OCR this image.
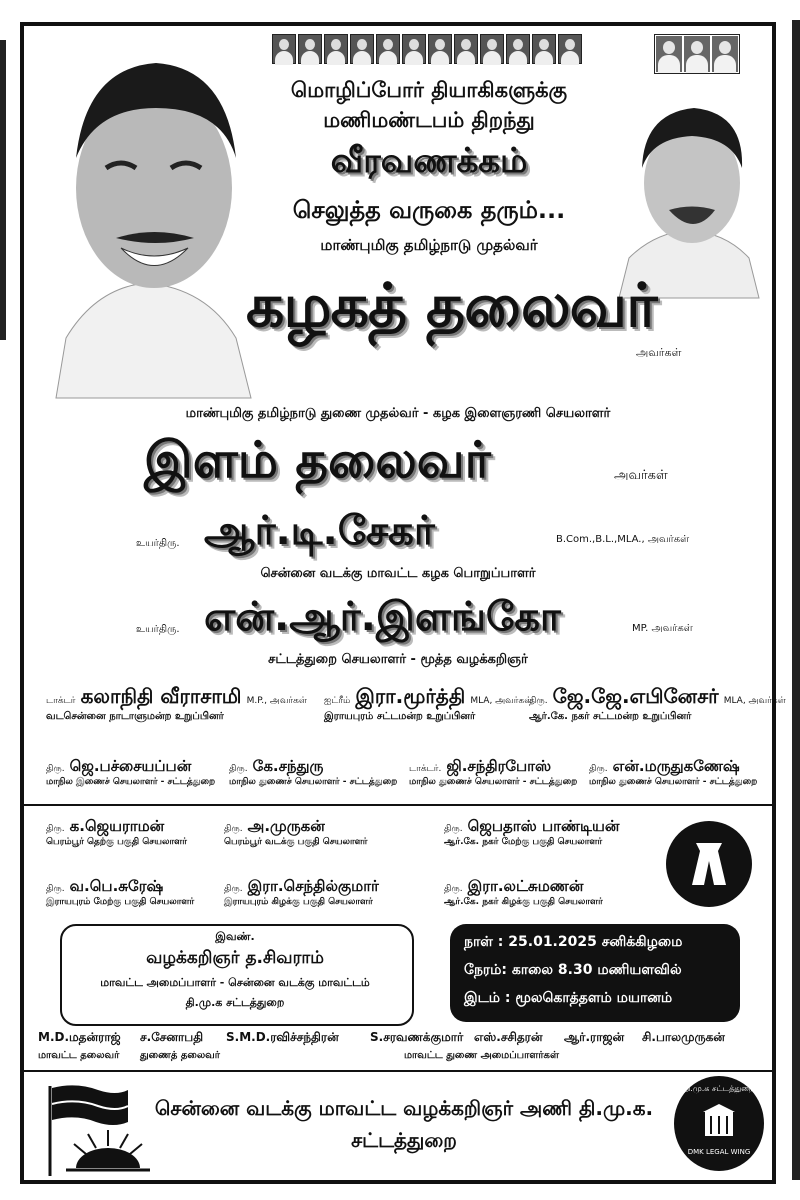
மொழிப்போர் தியாகிகளுக்கு
மணிமண்டபம் திறந்து
வீரவணக்கம்
செலுத்த வருகை தரும்...
மாண்புமிகு தமிழ்நாடு முதல்வர்
கழகத் தலைவர்
அவர்கள்
மாண்புமிகு தமிழ்நாடு துணை முதல்வர் - கழக இளைஞரணி செயலாளர்
இளம் தலைவர்	அவர்கள்
உயர்திரு. ஆர்.டி.சேகர்	B.Com.,B.L.,MLA., அவர்கள்
சென்னை வடக்கு மாவட்ட கழக பொறுப்பாளர்
உயர்திரு. என்.ஆர்.இளங்கோ	MP. அவர்கள்
சட்டத்துறை செயலாளர் - மூத்த வழக்கறிஞர்
டாக்டர் கலாநிதி வீராசாமி M.P., அவர்கள்
வடசென்னை நாடாளுமன்ற உறுப்பினர்
ஐட்ரீம் இரா.மூர்த்தி MLA, அவர்கள்
இராயபுரம் சட்டமன்ற உறுப்பினர்
திரு. ஜே.ஜே.எபினேசர் MLA, அவர்கள்
ஆர்.கே. நகர் சட்டமன்ற உறுப்பினர்
திரு. ஜெ.பச்சையப்பன்
மாநில இணைச் செயலாளர் - சட்டத்துறை
திரு. கே.சந்துரு
மாநில துணைச் செயலாளர் - சட்டத்துறை
டாக்டர். ஜி.சந்திரபோஸ்
மாநில துணைச் செயலாளர் - சட்டத்துறை
திரு. என்.மருதுகணேஷ்
மாநில துணைச் செயலாளர் - சட்டத்துறை
திரு. க.ஜெயராமன்
பெரம்பூர் தெற்கு பகுதி செயலாளர்
திரு. அ.முருகன்
பெரம்பூர் வடக்கு பகுதி செயலாளர்
திரு. ஜெபதாஸ் பாண்டியன்
ஆர்.கே. நகர் மேற்கு பகுதி செயலாளர்
திரு. வ.பெ.சுரேஷ்
இராயபுரம் மேற்கு பகுதி செயலாளர்
திரு. இரா.செந்தில்குமார்
இராயபுரம் கிழக்கு பகுதி செயலாளர்
திரு. இரா.லட்சுமணன்
ஆர்.கே. நகர் கிழக்கு பகுதி செயலாளர்
இவண்.
வழக்கறிஞர் த.சிவராம்
மாவட்ட அமைப்பாளர் - சென்னை வடக்கு மாவட்டம்
தி.மு.க சட்டத்துறை
நாள் : 25.01.2025 சனிக்கிழமை
நேரம்: காலை 8.30 மணியளவில்
இடம் : மூலகொத்தளம் மயானம்
M.D.மதன்ராஜ் ச.சேனாபதி S.M.D.ரவிச்சந்திரன்	S.சரவணக்குமார் எஸ்.சசிதரன் ஆர்.ராஜன் சி.பாலமுருகன்
மாவட்ட தலைவர் துணைத் தலைவர்	மாவட்ட துணை அமைப்பாளர்கள்
சென்னை வடக்கு மாவட்ட வழக்கறிஞர் அணி தி.மு.க.
சட்டத்துறை
தி.மு.க சட்டத்துறை
DMK LEGAL WING
